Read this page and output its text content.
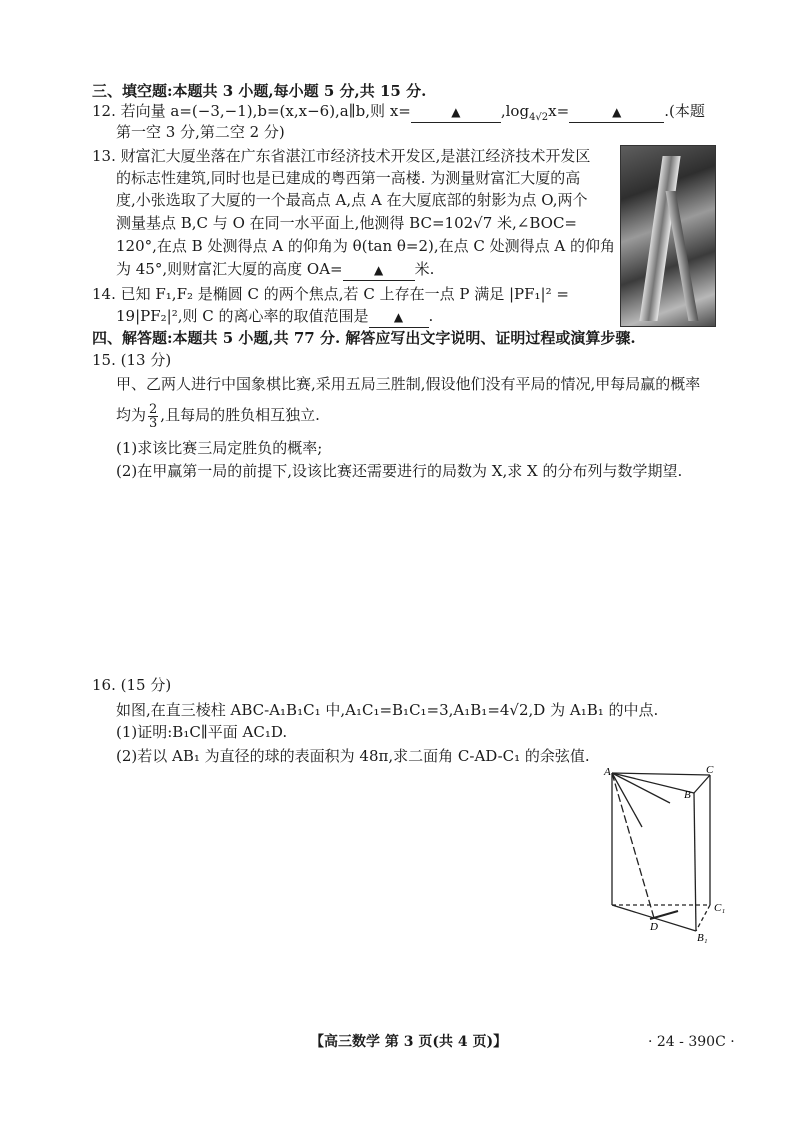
三、填空题:本题共 3 小题,每小题 5 分,共 15 分.
12. 若向量 a=(−3,−1),b=(x,x−6),a∥b,则 x=	▲	$,\log_{4√2}x=$	▲	.(本题
第一空 3 分,第二空 2 分)
13. 财富汇大厦坐落在广东省湛江市经济技术开发区,是湛江经济技术开发区
的标志性建筑,同时也是已建成的粤西第一高楼. 为测量财富汇大厦的高
度,小张选取了大厦的一个最高点 A,点 A 在大厦底部的射影为点 O,两个
测量基点 B,C 与 O 在同一水平面上,他测得 BC=102√7 米,∠BOC=
120°,在点 B 处测得点 A 的仰角为 θ(tan θ=2),在点 C 处测得点 A 的仰角
为 45°,则财富汇大厦的高度 OA=	▲ 米.
14. 已知 F₁,F₂ 是椭圆 C 的两个焦点,若 C 上存在一点 P 满足 |PF₁|² =
19|PF₂|²,则 C 的离心率的取值范围是 ▲ .
四、解答题:本题共 5 小题,共 77 分. 解答应写出文字说明、证明过程或演算步骤.
15. (13 分)
甲、乙两人进行中国象棋比赛,采用五局三胜制,假设他们没有平局的情况,甲每局赢的概率
均为 $\frac{2}{3}$ ,且每局的胜负相互独立.
(1)求该比赛三局定胜负的概率;
(2)在甲赢第一局的前提下,设该比赛还需要进行的局数为 X,求 X 的分布列与数学期望.
16. (15 分)
如图,在直三棱柱 ABC-A₁B₁C₁ 中,A₁C₁=B₁C₁=3,A₁B₁=4√2,D 为 A₁B₁ 的中点.
(1)证明:B₁C∥平面 AC₁D.
(2)若以 AB₁ 为直径的球的表面积为 48π,求二面角 C-AD-C₁ 的余弦值.
A
B
C
C₁
D
B₁
【高三数学 第 3 页(共 4 页)】	· 24 - 390C ·
